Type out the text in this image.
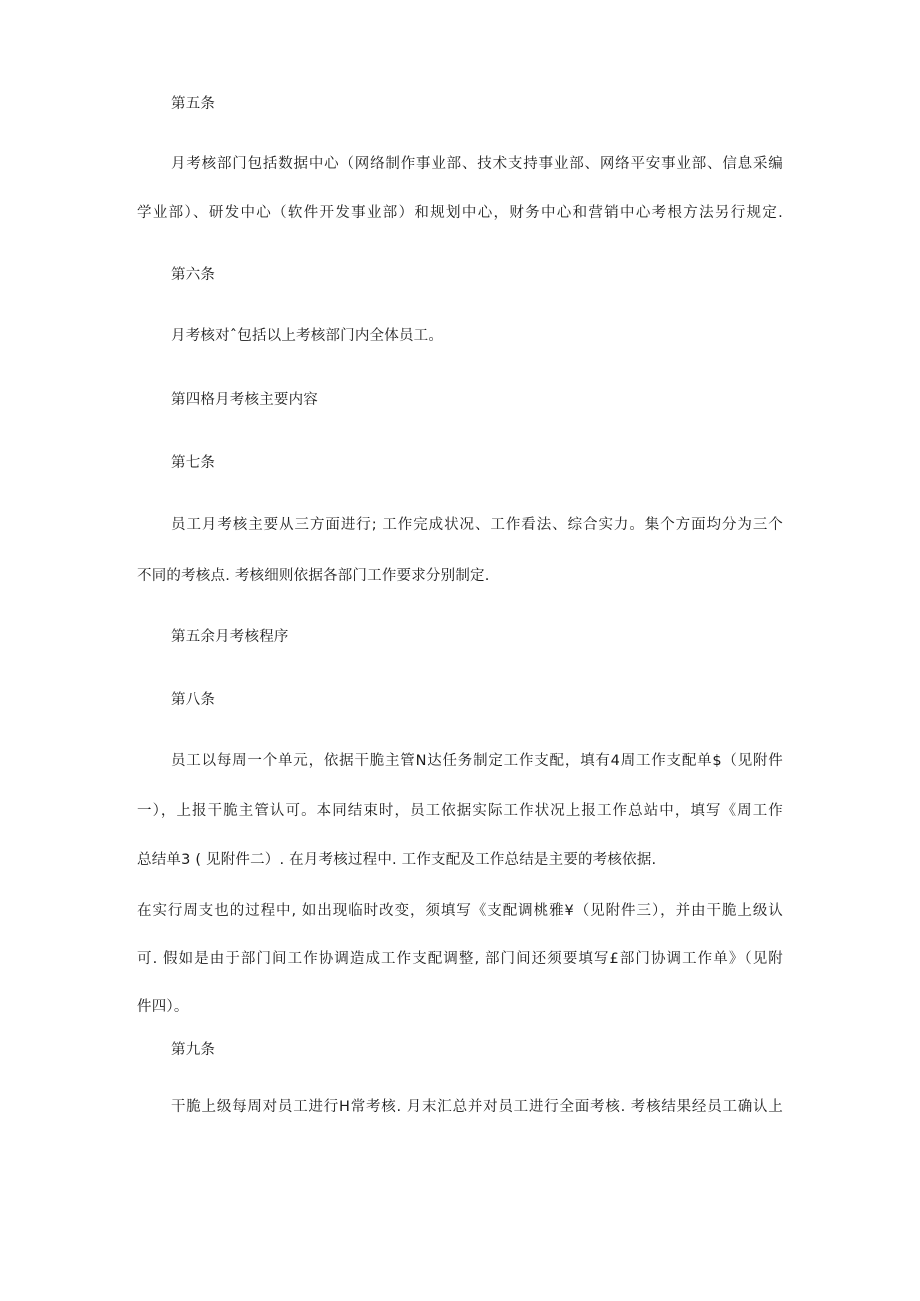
第五条
月考核部门包括数据中心（网络制作事业部、技术支持事业部、网络平安事业部、信息采编
学业部）、研发中心（软件开发事业部）和规划中心，财务中心和营销中心考根方法另行规定.
第六条
月考核对ˆ包括以上考核部门内全体员工。
第四格月考核主要内容
第七条
员工月考核主要从三方面进行; 工作完成状况、工作看法、综合实力。集个方面均分为三个
不同的考核点. 考核细则依据各部门工作要求分别制定.
第五余月考核程序
第八条
员工以每周一个单元，依据干脆主管N达任务制定工作支配，填有4周工作支配单$（见附件
一），上报干脆主管认可。本同结束时，员工依据实际工作状况上报工作总站中，填写《周工作
总结单3 ( 见附件二）. 在月考核过程中. 工作支配及工作总结是主要的考核依据.
在实行周支也的过程中, 如出现临时改变，须填写《支配调桃雅¥（见附件三），并由干脆上级认
可. 假如是由于部门间工作协调造成工作支配调整, 部门间还须要填写£部门协调工作单》（见附
件四）。
第九条
干脆上级每周对员工进行H常考核. 月末汇总并对员工进行全面考核. 考核结果经员工确认上
